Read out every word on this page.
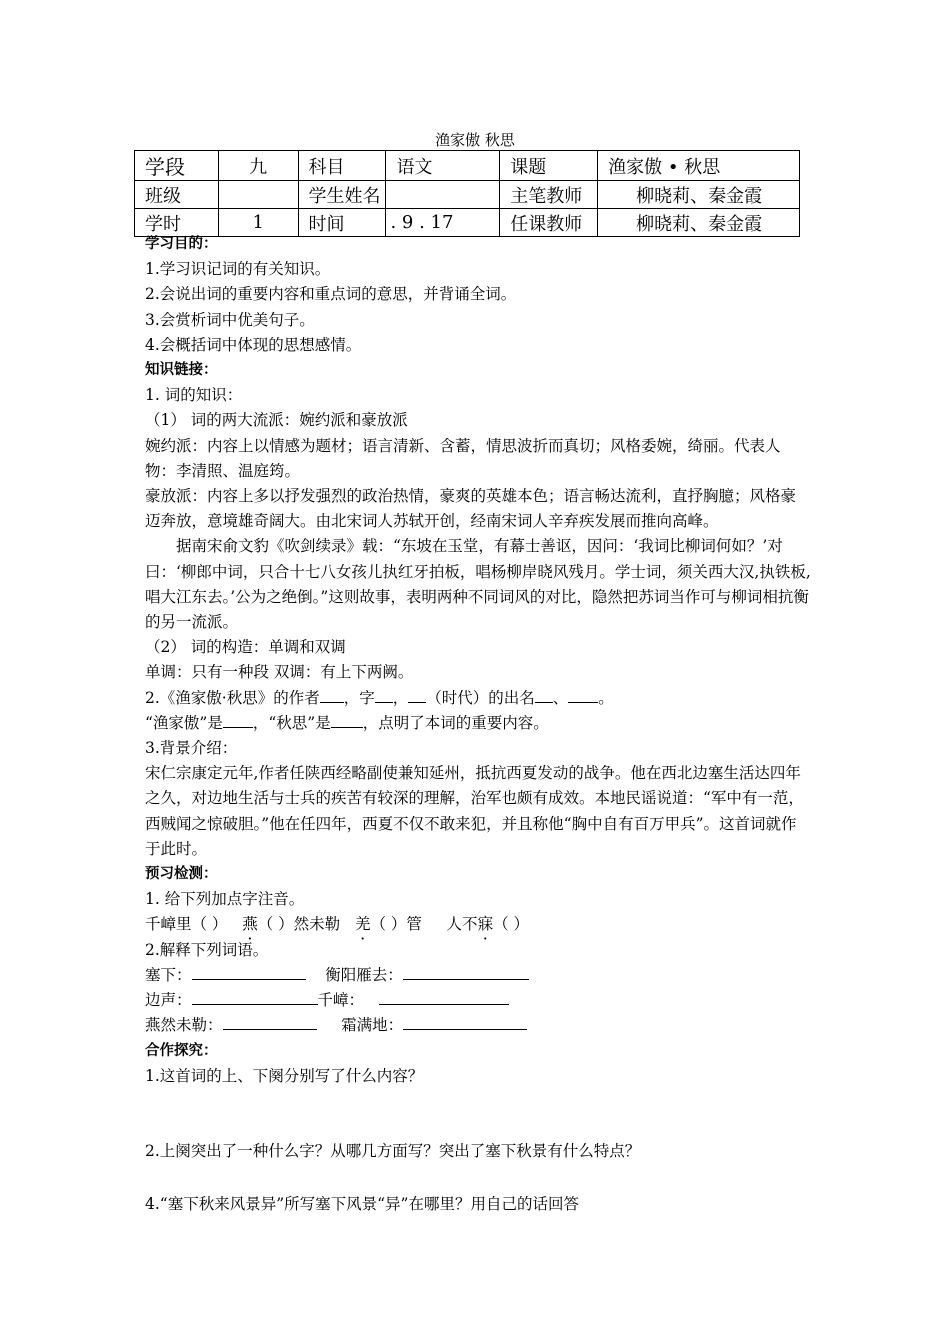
渔家傲 秋思
学段	九	科目	语文	课题	渔家傲 • 秋思
班级		学生姓名		主笔教师	柳晓莉、秦金霞
学时	1	时间	. 9 . 17	任课教师	柳晓莉、秦金霞

学习目的：

1.学习识记词的有关知识。

2.会说出词的重要内容和重点词的意思，并背诵全词。

3.会赏析词中优美句子。

4.会概括词中体现的思想感情。

知识链接：

1. 词的知识：

（1） 词的两大流派：婉约派和豪放派

婉约派：内容上以情感为题材；语言清新、含蓄，情思波折而真切；风格委婉，绮丽。代表人物：李清照、温庭筠。

豪放派：内容上多以抒发强烈的政治热情，豪爽的英雄本色；语言畅达流利，直抒胸臆；风格豪迈奔放，意境雄奇阔大。由北宋词人苏轼开创，经南宋词人辛弃疾发展而推向高峰。

据南宋俞文豹《吹剑续录》载：“东坡在玉堂，有幕士善讴，因问：‘我词比柳词何如？’对曰：‘柳郎中词，只合十七八女孩儿执红牙拍板，唱杨柳岸晓风残月。学士词，须关西大汉,执铁板,唱大江东去。’公为之绝倒。”这则故事，表明两种不同词风的对比，隐然把苏词当作可与柳词相抗衡的另一流派。

（2） 词的构造：单调和双调

单调：只有一种段 双调：有上下两阙。

2.《渔家傲·秋思》的作者 ，字 ， （时代）的出名 、 。

“渔家傲”是 ，“秋思”是 ，点明了本词的重要内容。

3.背景介绍：

宋仁宗康定元年,作者任陕西经略副使兼知延州，抵抗西夏发动的战争。他在西北边塞生活达四年之久，对边地生活与士兵的疾苦有较深的理解，治军也颇有成效。本地民谣说道：“军中有一范，西贼闻之惊破胆。”他在任四年，西夏不仅不敢来犯，并且称他“胸中自有百万甲兵”。这首词就作于此时。

预习检测：

1. 给下列加点字注音。

千嶂里（ ） 燕（ ）然未勒 羌（ ）管 人不寐（ ）

2.解释下列词语。

塞下：	衡阳雁去：

边声：	千嶂：

燕然未勒：	霜满地：

合作探究：

1.这首词的上、下阕分别写了什么内容？

2.上阕突出了一种什么字？从哪几方面写？突出了塞下秋景有什么特点？

4.“塞下秋来风景异”所写塞下风景“异”在哪里？用自己的话回答
